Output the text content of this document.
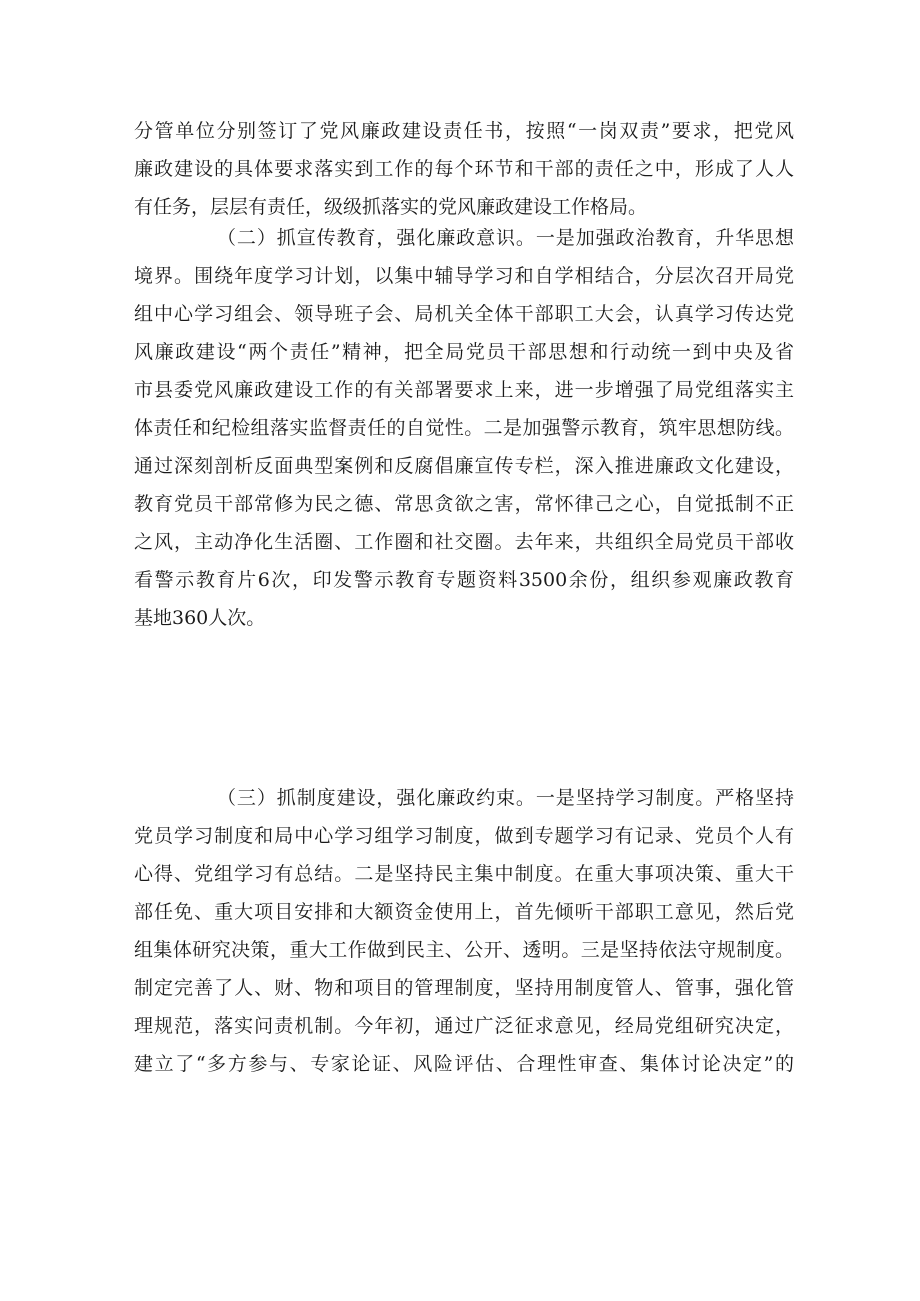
分管单位分别签订了党风廉政建设责任书，按照“一岗双责”要求，把党风
廉政建设的具体要求落实到工作的每个环节和干部的责任之中，形成了人人
有任务，层层有责任，级级抓落实的党风廉政建设工作格局。
（二）抓宣传教育，强化廉政意识。一是加强政治教育，升华思想
境界。围绕年度学习计划，以集中辅导学习和自学相结合，分层次召开局党
组中心学习组会、领导班子会、局机关全体干部职工大会，认真学习传达党
风廉政建设“两个责任”精神，把全局党员干部思想和行动统一到中央及省
市县委党风廉政建设工作的有关部署要求上来，进一步增强了局党组落实主
体责任和纪检组落实监督责任的自觉性。二是加强警示教育，筑牢思想防线。
通过深刻剖析反面典型案例和反腐倡廉宣传专栏，深入推进廉政文化建设，
教育党员干部常修为民之德、常思贪欲之害，常怀律己之心，自觉抵制不正
之风，主动净化生活圈、工作圈和社交圈。去年来，共组织全局党员干部收
看警示教育片6次，印发警示教育专题资料3500余份，组织参观廉政教育
基地360人次。
（三）抓制度建设，强化廉政约束。一是坚持学习制度。严格坚持
党员学习制度和局中心学习组学习制度，做到专题学习有记录、党员个人有
心得、党组学习有总结。二是坚持民主集中制度。在重大事项决策、重大干
部任免、重大项目安排和大额资金使用上，首先倾听干部职工意见，然后党
组集体研究决策，重大工作做到民主、公开、透明。三是坚持依法守规制度。
制定完善了人、财、物和项目的管理制度，坚持用制度管人、管事，强化管
理规范，落实问责机制。今年初，通过广泛征求意见，经局党组研究决定，
建立了“多方参与、专家论证、风险评估、合理性审查、集体讨论决定”的
